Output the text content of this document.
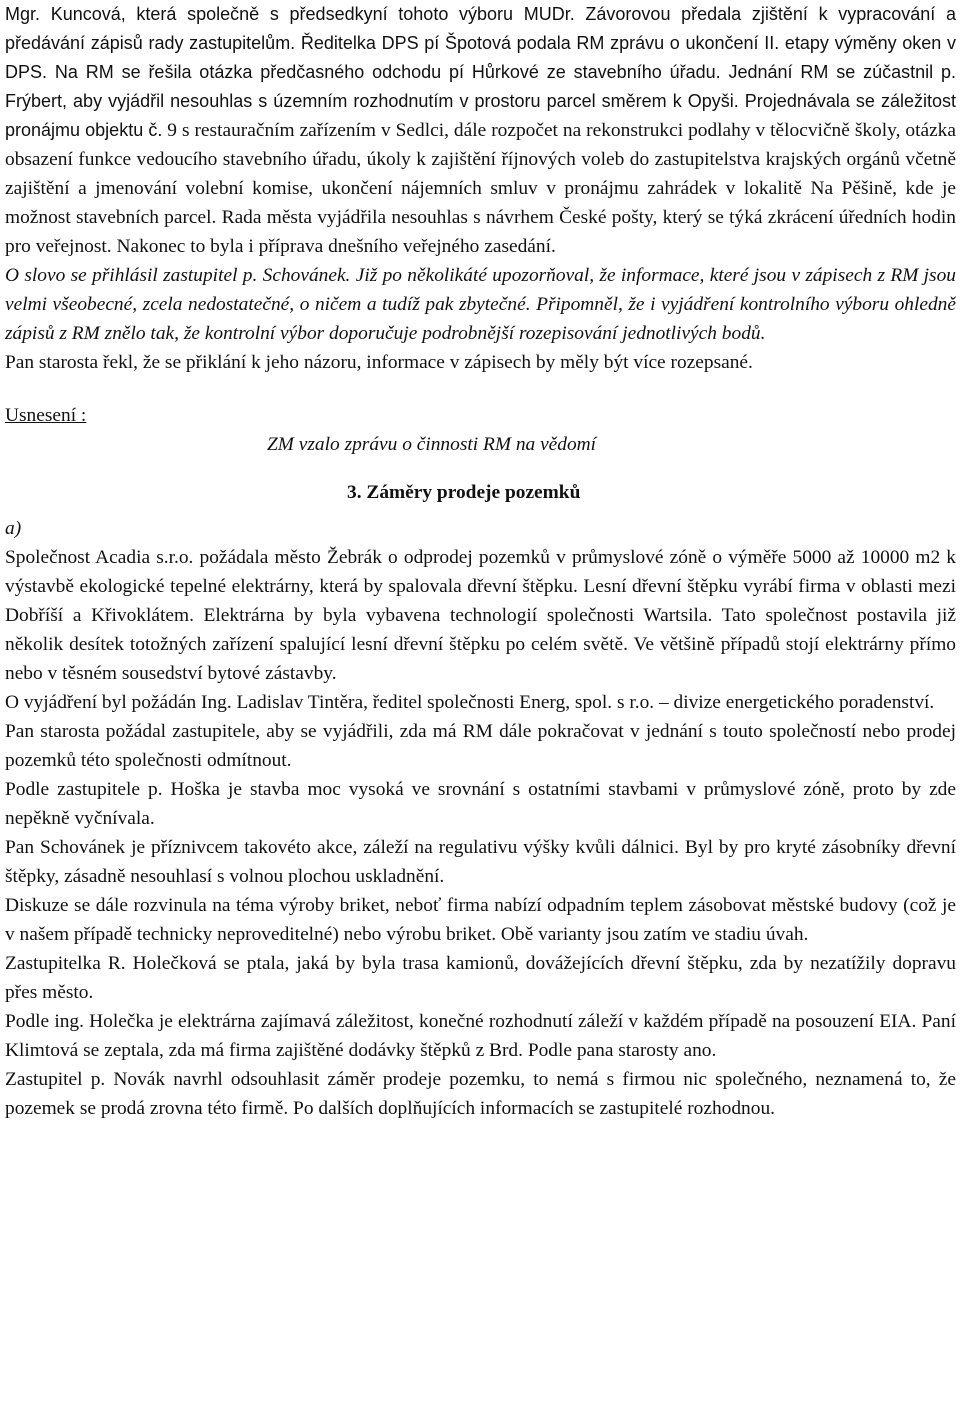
Mgr. Kuncová, která společně s předsedkyní tohoto výboru MUDr. Závorovou předala zjištění k vypracování a předávání zápisů rady zastupitelům. Ředitelka DPS pí Špotová podala RM zprávu o ukončení II. etapy výměny oken v DPS. Na RM se řešila otázka předčasného odchodu pí Hůrkové ze stavebního úřadu. Jednání RM se zúčastnil p. Frýbert, aby vyjádřil nesouhlas s územním rozhodnutím v prostoru parcel směrem k Opyši. Projednávala se záležitost pronájmu objektu č. 9 s restauračním zařízením v Sedlci, dále rozpočet na rekonstrukci podlahy v tělocvičně školy, otázka obsazení funkce vedoucího stavebního úřadu, úkoly k zajištění říjnových voleb do zastupitelstva krajských orgánů včetně zajištění a jmenování volební komise, ukončení nájemních smluv v pronájmu zahrádek v lokalitě Na Pěšině, kde je možnost stavebních parcel. Rada města vyjádřila nesouhlas s návrhem České pošty, který se týká zkrácení úředních hodin pro veřejnost. Nakonec to byla i příprava dnešního veřejného zasedání.

O slovo se přihlásil zastupitel p. Schovánek. Již po několikáté upozorňoval, že informace, které jsou v zápisech z RM jsou velmi všeobecné, zcela nedostatečné, o ničem a tudíž pak zbytečné. Připomněl, že i vyjádření kontrolního výboru ohledně zápisů z RM znělo tak, že kontrolní výbor doporučuje podrobnější rozepisování jednotlivých bodů.

Pan starosta řekl, že se přiklání k jeho názoru, informace v zápisech by měly být více rozepsané.

Usnesení :

ZM vzalo zprávu o činnosti RM na vědomí

3. Záměry prodeje pozemků

a)

Společnost Acadia s.r.o. požádala město Žebrák o odprodej pozemků v průmyslové zóně o výměře 5000 až 10000 m2 k výstavbě ekologické tepelné elektrárny, která by spalovala dřevní štěpku. Lesní dřevní štěpku vyrábí firma v oblasti mezi Dobříší a Křivoklátem. Elektrárna by byla vybavena technologií společnosti Wartsila. Tato společnost postavila již několik desítek totožných zařízení spalující lesní dřevní štěpku po celém světě. Ve většině případů stojí elektrárny přímo nebo v těsném sousedství bytové zástavby.

O vyjádření byl požádán Ing. Ladislav Tintěra, ředitel společnosti Energ, spol. s r.o. – divize energetického poradenství.

Pan starosta požádal zastupitele, aby se vyjádřili, zda má RM dále pokračovat v jednání s touto společností nebo prodej pozemků této společnosti odmítnout.

Podle zastupitele p. Hoška je stavba moc vysoká ve srovnání s ostatními stavbami v průmyslové zóně, proto by zde nepěkně vyčnívala.

Pan Schovánek je příznivcem takovéto akce, záleží na regulativu výšky kvůli dálnici. Byl by pro kryté zásobníky dřevní štěpky, zásadně nesouhlasí s volnou plochou uskladnění.

Diskuze se dále rozvinula na téma výroby briket, neboť firma nabízí odpadním teplem zásobovat městské budovy (což je v našem případě technicky neproveditelné) nebo výrobu briket. Obě varianty jsou zatím ve stadiu úvah.

Zastupitelka R. Holečková se ptala, jaká by byla trasa kamionů, dovážejících dřevní štěpku, zda by nezatížily dopravu přes město.

Podle ing. Holečka je elektrárna zajímavá záležitost, konečné rozhodnutí záleží v každém případě na posouzení EIA. Paní Klimtová se zeptala, zda má firma zajištěné dodávky štěpků z Brd. Podle pana starosty ano.

Zastupitel p. Novák navrhl odsouhlasit záměr prodeje pozemku, to nemá s firmou nic společného, neznamená to, že pozemek se prodá zrovna této firmě. Po dalších doplňujících informacích se zastupitelé rozhodnou.
